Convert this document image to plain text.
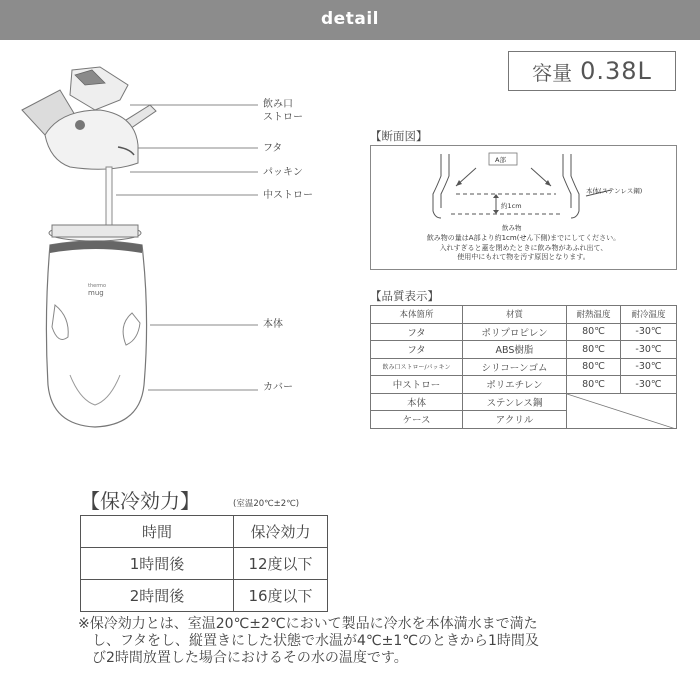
detail
容量 0.38L
thermo
mug
飲み口
ストロー
フタ
パッキン
中ストロー
本体
カバー
【断面図】
A部
本体(ステンレス鋼)
約1cm
飲み物
飲み物の量はA部より約1cm(せん下側)までにしてください。
入れすぎると蓋を閉めたときに飲み物があふれ出て、
使用中にもれて物を汚す原因となります。
【品質表示】
本体箇所	材質	耐熱温度	耐冷温度
フタ	ポリプロピレン	80℃	-30℃
フタ	ABS樹脂	80℃	-30℃
飲み口ストロー/パッキン	シリコーンゴム	80℃	-30℃
中ストロー	ポリエチレン	80℃	-30℃
本体	ステンレス鋼	

ケース	アクリル		
【保冷効力】	(室温20℃±2℃)
時間	保冷効力
1時間後	12度以下
2時間後	16度以下
※保冷効力とは、室温20℃±2℃において製品に冷水を本体満水まで満た
し、フタをし、縦置きにした状態で水温が4℃±1℃のときから1時間及
び2時間放置した場合におけるその水の温度です。
